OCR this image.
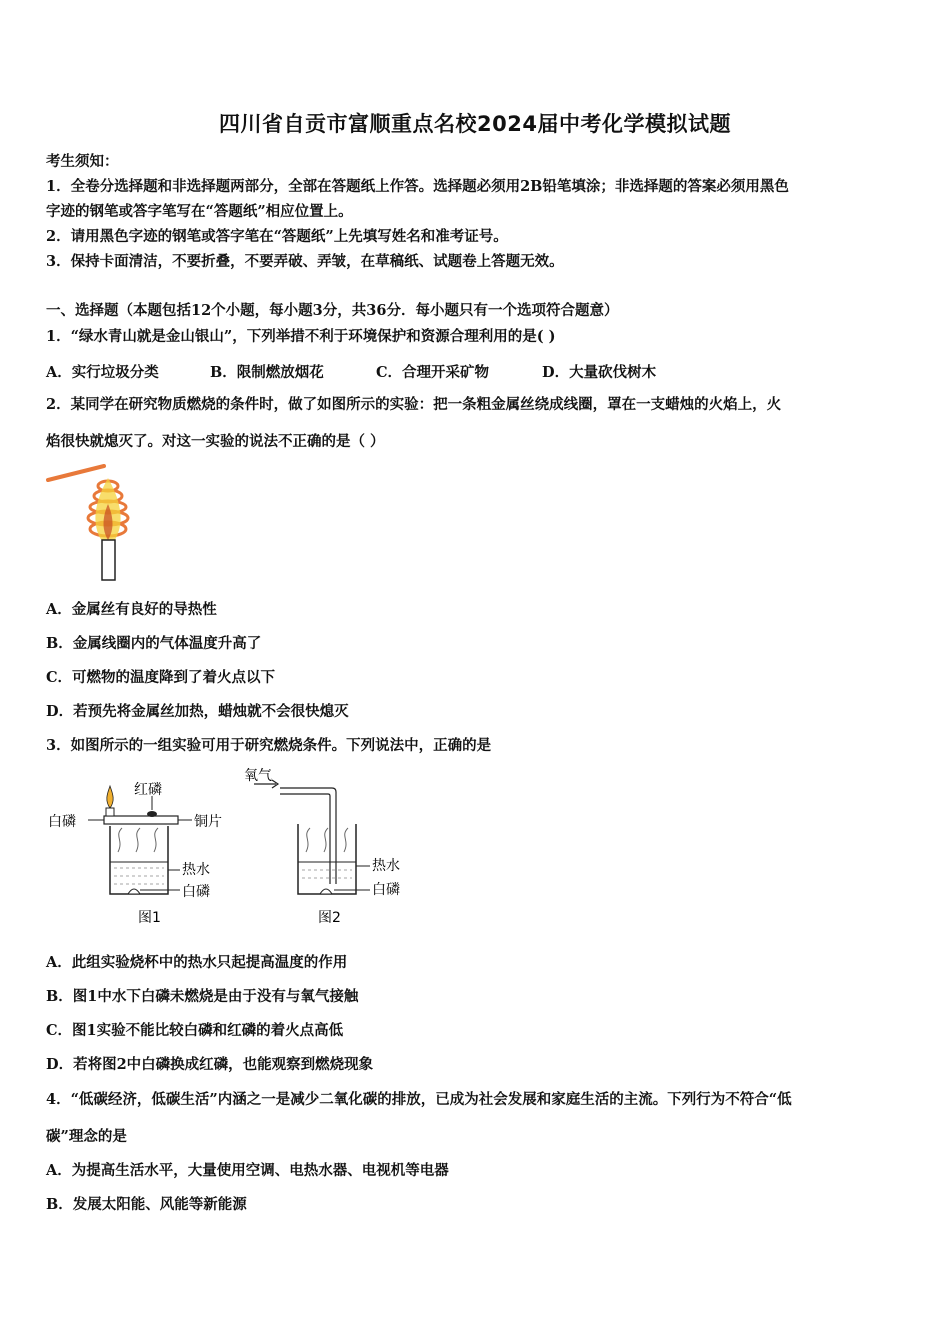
四川省自贡市富顺重点名校2024届中考化学模拟试题
考生须知：
1．全卷分选择题和非选择题两部分，全部在答题纸上作答。选择题必须用2B铅笔填涂；非选择题的答案必须用黑色
字迹的钢笔或答字笔写在“答题纸”相应位置上。
2．请用黑色字迹的钢笔或答字笔在“答题纸”上先填写姓名和准考证号。
3．保持卡面清洁，不要折叠，不要弄破、弄皱，在草稿纸、试题卷上答题无效。
一、选择题（本题包括12个小题，每小题3分，共36分．每小题只有一个选项符合题意）
1．“绿水青山就是金山银山”，下列举措不利于环境保护和资源合理利用的是( )
A．实行垃圾分类	B．限制燃放烟花	C．合理开采矿物	D．大量砍伐树木
2．某同学在研究物质燃烧的条件时，做了如图所示的实验：把一条粗金属丝绕成线圈，罩在一支蜡烛的火焰上，火
焰很快就熄灭了。对这一实验的说法不正确的是（ ）
A．金属丝有良好的导热性
B．金属线圈内的气体温度升高了
C．可燃物的温度降到了着火点以下
D．若预先将金属丝加热，蜡烛就不会很快熄灭
3．如图所示的一组实验可用于研究燃烧条件。下列说法中，正确的是
白磷
红磷
铜片
热水
白磷
图1
氧气
热水
白磷
图2
A．此组实验烧杯中的热水只起提高温度的作用
B．图1中水下白磷未燃烧是由于没有与氧气接触
C．图1实验不能比较白磷和红磷的着火点高低
D．若将图2中白磷换成红磷，也能观察到燃烧现象
4．“低碳经济，低碳生活”内涵之一是减少二氧化碳的排放，已成为社会发展和家庭生活的主流。下列行为不符合“低
碳”理念的是
A．为提高生活水平，大量使用空调、电热水器、电视机等电器
B．发展太阳能、风能等新能源
